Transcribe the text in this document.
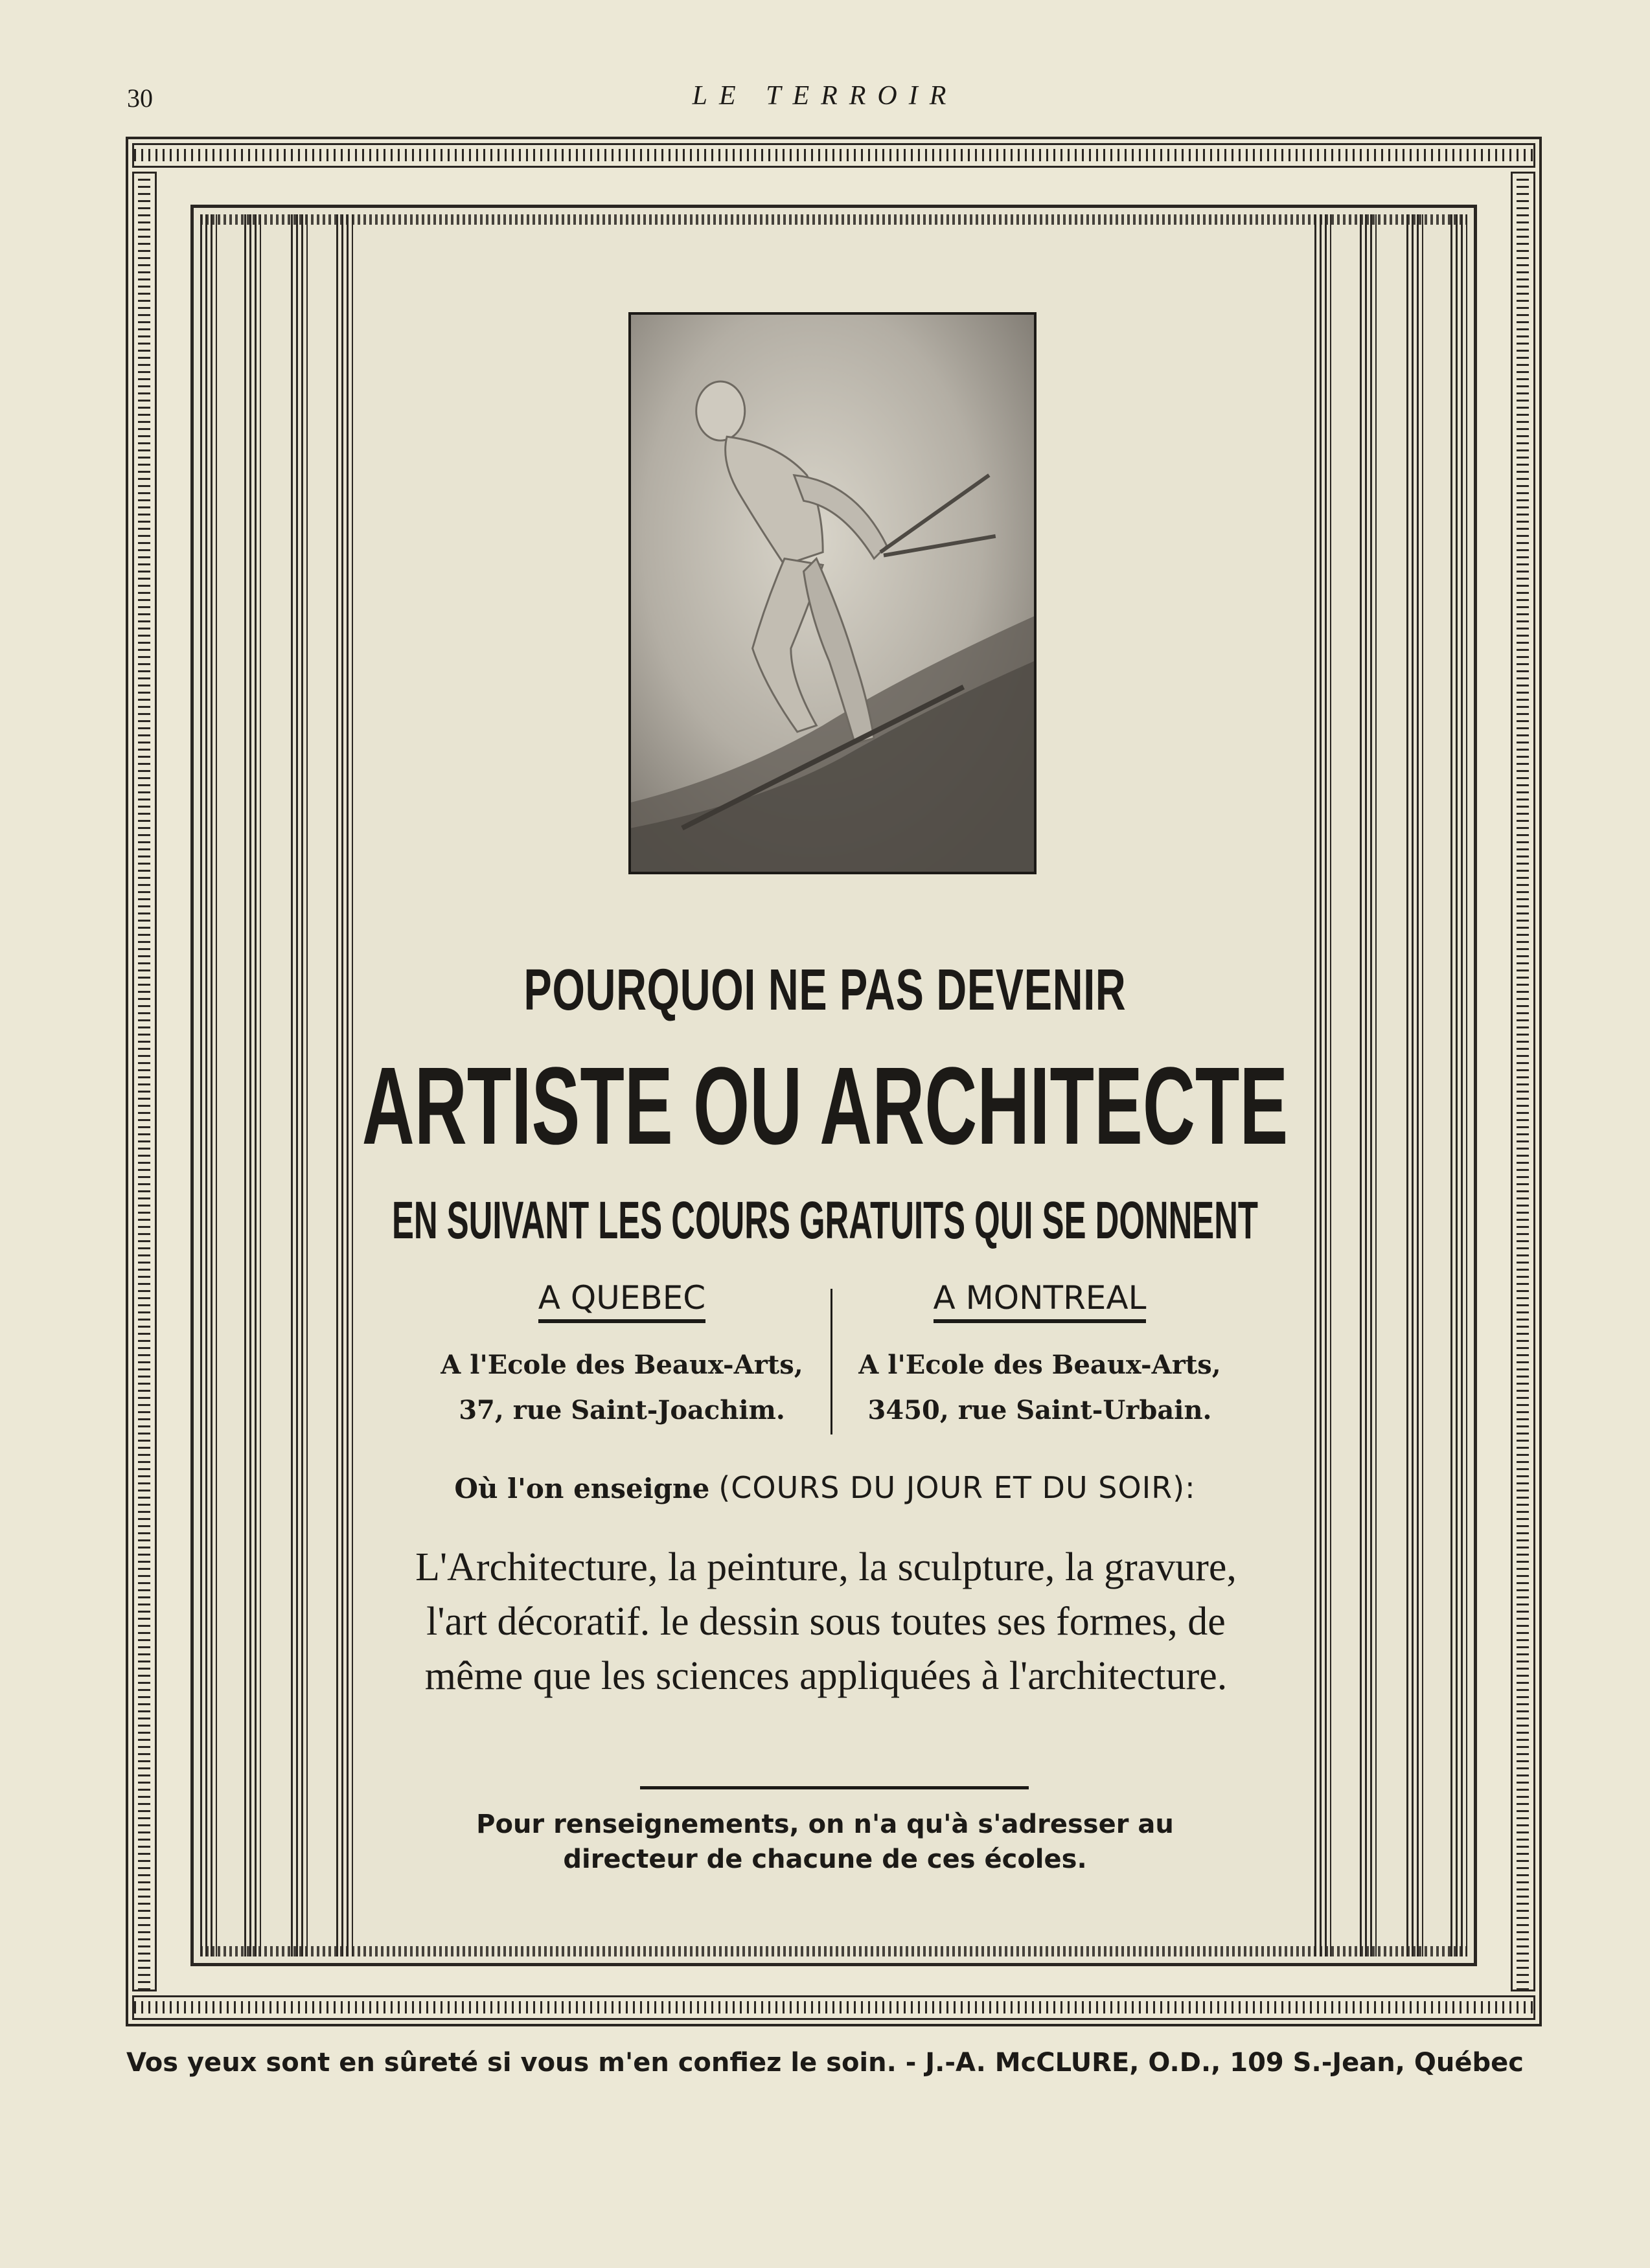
30	LE TERROIR
POURQUOI NE PAS DEVENIR
ARTISTE OU ARCHITECTE
EN SUIVANT LES COURS GRATUITS QUI SE DONNENT
A QUEBEC
A l'Ecole des Beaux-Arts,
37, rue Saint-Joachim.
A MONTREAL
A l'Ecole des Beaux-Arts,
3450, rue Saint-Urbain.
Où l'on enseigne (COURS DU JOUR ET DU SOIR):
L'Architecture, la peinture, la sculpture, la gravure, l'art décoratif. le dessin sous toutes ses formes, de même que les sciences appliquées à l'architecture.
Pour renseignements, on n'a qu'à s'adresser au
directeur de chacune de ces écoles.
Vos yeux sont en sûreté si vous m'en confiez le soin. - J.-A. McCLURE, O.D., 109 S.-Jean, Québec
